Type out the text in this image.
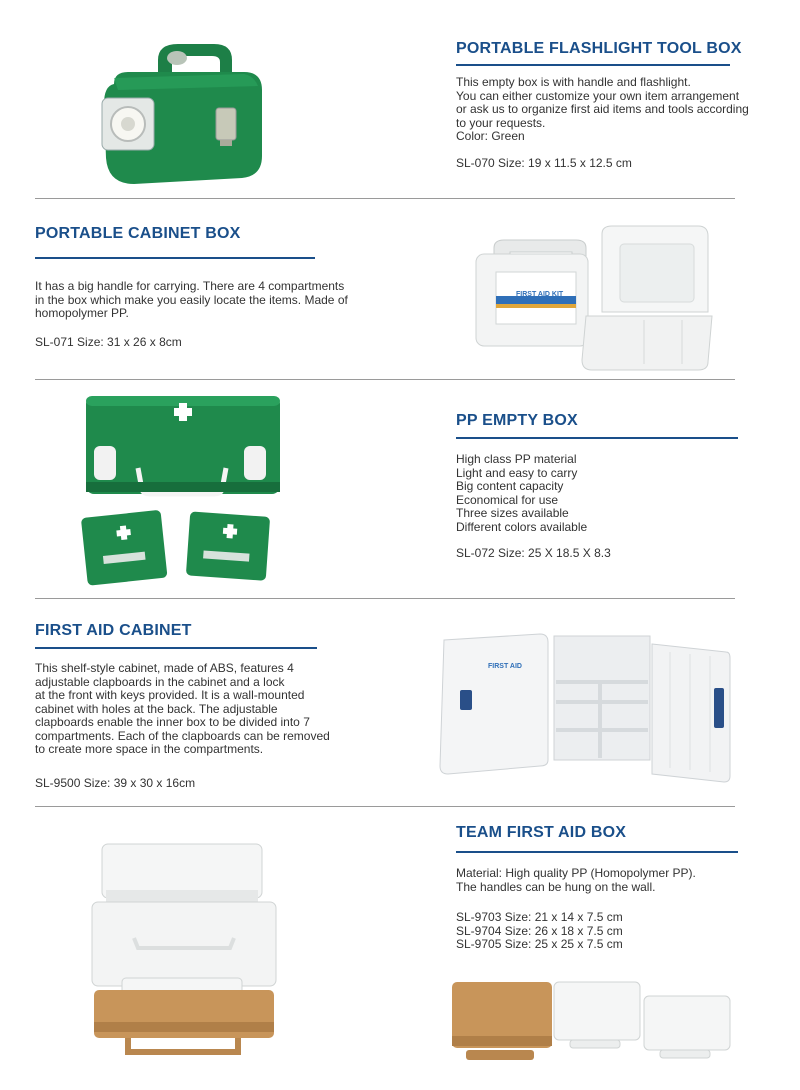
PORTABLE FLASHLIGHT TOOL BOX
This empty box is with handle and flashlight.
You can either customize your own item arrangement
or ask us to organize first aid items and tools according
to your requests.
Color: Green
SL-070 Size: 19 x 11.5 x 12.5 cm
PORTABLE CABINET BOX
It has a big handle for carrying. There are 4 compartments
in the box which make you easily locate the items. Made of
homopolymer PP.
SL-071 Size: 31 x 26 x 8cm
FIRST AID KIT
PP EMPTY BOX
High class PP material
Light and easy to carry
Big content capacity
Economical for use
Three sizes available
Different colors available
SL-072 Size: 25 X 18.5 X 8.3
FIRST AID CABINET
This shelf-style cabinet, made of ABS, features 4
adjustable clapboards in the cabinet and a lock
at the front with keys provided. It is a wall-mounted
cabinet with holes at the back. The adjustable
clapboards enable the inner box to be divided into 7
compartments. Each of the clapboards can be removed
to create more space in the compartments.
SL-9500 Size: 39 x 30 x 16cm
FIRST AID
TEAM FIRST AID BOX
Material: High quality PP (Homopolymer PP).
The handles can be hung on the wall.
SL-9703 Size: 21 x 14 x 7.5 cm
SL-9704 Size: 26 x 18 x 7.5 cm
SL-9705 Size: 25 x 25 x 7.5 cm
